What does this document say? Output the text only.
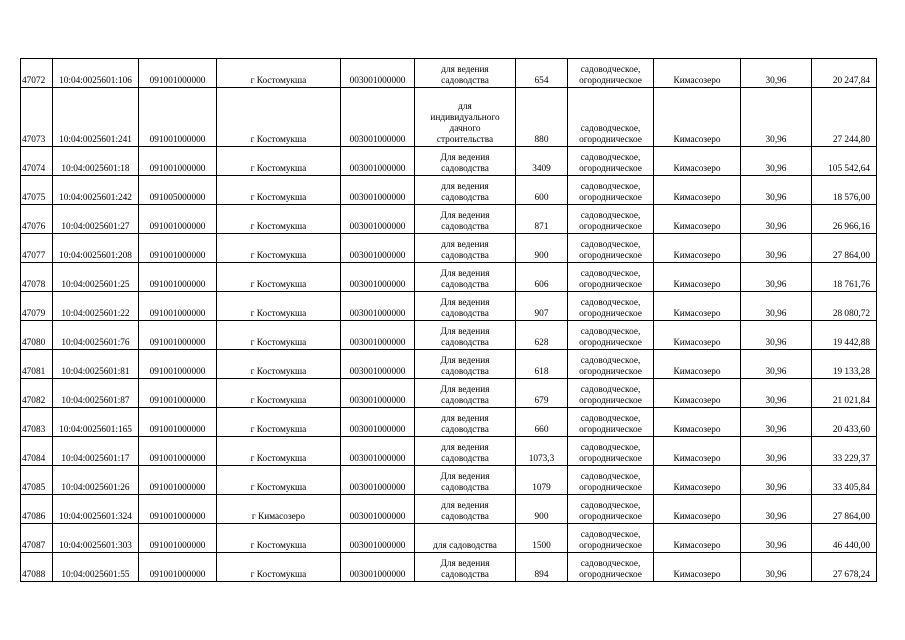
47072	10:04:0025601:106	091001000000	г Костомукша	003001000000	для ведения
садоводства	654	садоводческое,
огородническое	Кимасозеро	30,96	20 247,84
47073	10:04:0025601:241	091001000000	г Костомукша	003001000000	для
индивидуального
дачного
строительства	880	садоводческое,
огородническое	Кимасозеро	30,96	27 244,80
47074	10:04:0025601:18	091001000000	г Костомукша	003001000000	Для ведения
садоводства	3409	садоводческое,
огородническое	Кимасозеро	30,96	105 542,64
47075	10:04:0025601:242	091005000000	г Костомукша	003001000000	для ведения
садоводства	600	садоводческое,
огородническое	Кимасозеро	30,96	18 576,00
47076	10:04:0025601:27	091001000000	г Костомукша	003001000000	Для ведения
садоводства	871	садоводческое,
огородническое	Кимасозеро	30,96	26 966,16
47077	10:04:0025601:208	091001000000	г Костомукша	003001000000	для ведения
садоводства	900	садоводческое,
огородническое	Кимасозеро	30,96	27 864,00
47078	10:04:0025601:25	091001000000	г Костомукша	003001000000	Для ведения
садоводства	606	садоводческое,
огородническое	Кимасозеро	30,96	18 761,76
47079	10:04:0025601:22	091001000000	г Костомукша	003001000000	Для ведения
садоводства	907	садоводческое,
огородническое	Кимасозеро	30,96	28 080,72
47080	10:04:0025601:76	091001000000	г Костомукша	003001000000	Для ведения
садоводства	628	садоводческое,
огородническое	Кимасозеро	30,96	19 442,88
47081	10:04:0025601:81	091001000000	г Костомукша	003001000000	Для ведения
садоводства	618	садоводческое,
огородническое	Кимасозеро	30,96	19 133,28
47082	10:04:0025601:87	091001000000	г Костомукша	003001000000	Для ведения
садоводства	679	садоводческое,
огородническое	Кимасозеро	30,96	21 021,84
47083	10:04:0025601:165	091001000000	г Костомукша	003001000000	для ведения
садоводства	660	садоводческое,
огородническое	Кимасозеро	30,96	20 433,60
47084	10:04:0025601:17	091001000000	г Костомукша	003001000000	для ведения
садоводства	1073,3	садоводческое,
огородническое	Кимасозеро	30,96	33 229,37
47085	10:04:0025601:26	091001000000	г Костомукша	003001000000	Для ведения
садоводства	1079	садоводческое,
огородническое	Кимасозеро	30,96	33 405,84
47086	10:04:0025601:324	091001000000	г Кимасозеро	003001000000	для ведения
садоводства	900	садоводческое,
огородническое	Кимасозеро	30,96	27 864,00
47087	10:04:0025601:303	091001000000	г Костомукша	003001000000	для садоводства	1500	садоводческое,
огородническое	Кимасозеро	30,96	46 440,00
47088	10:04:0025601:55	091001000000	г Костомукша	003001000000	Для ведения
садоводства	894	садоводческое,
огородническое	Кимасозеро	30,96	27 678,24
